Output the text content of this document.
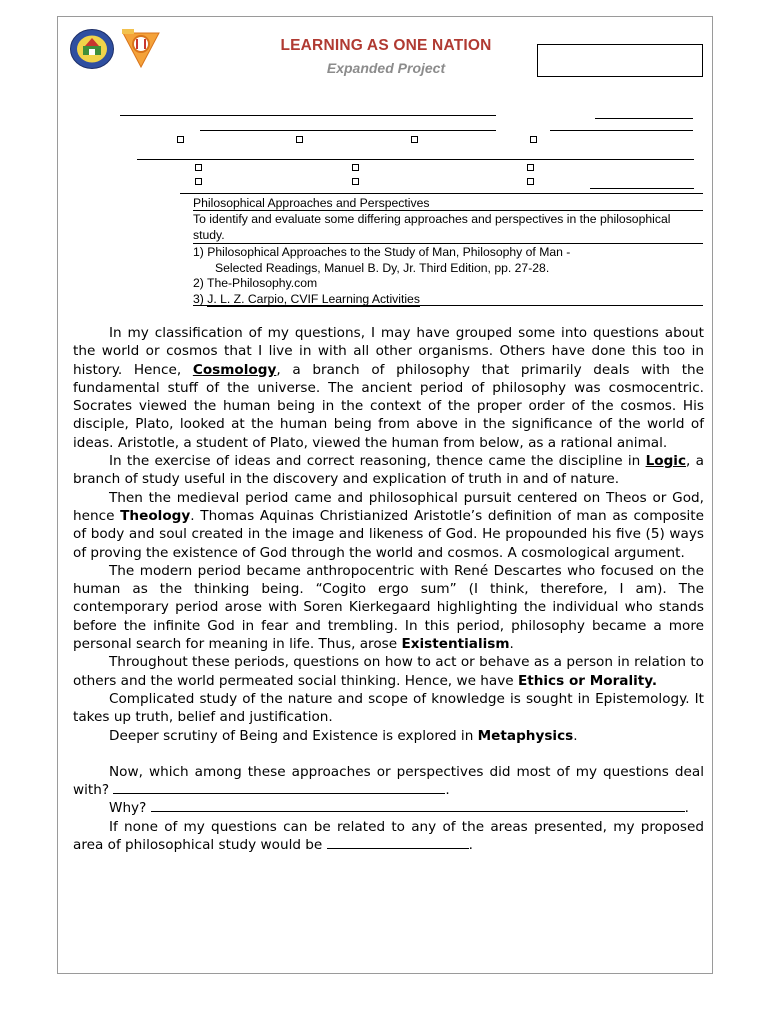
LEARNING AS ONE NATION
Expanded Project
Philosophical Approaches and Perspectives
To identify and evaluate some differing approaches and perspectives in the philosophical study.
1) Philosophical Approaches to the Study of Man, Philosophy of Man -
Selected Readings, Manuel B. Dy, Jr. Third Edition, pp. 27-28.
2) The-Philosophy.com
3) J. L. Z. Carpio, CVIF Learning Activities

In my classification of my questions, I may have grouped some into questions about the world or cosmos that I live in with all other organisms. Others have done this too in history. Hence, Cosmology, a branch of philosophy that primarily deals with the fundamental stuff of the universe. The ancient period of philosophy was cosmocentric. Socrates viewed the human being in the context of the proper order of the cosmos. His disciple, Plato, looked at the human being from above in the significance of the world of ideas. Aristotle, a student of Plato, viewed the human from below, as a rational animal.

In the exercise of ideas and correct reasoning, thence came the discipline in Logic, a branch of study useful in the discovery and explication of truth in and of nature.

Then the medieval period came and philosophical pursuit centered on Theos or God, hence Theology. Thomas Aquinas Christianized Aristotle’s definition of man as composite of body and soul created in the image and likeness of God. He propounded his five (5) ways of proving the existence of God through the world and cosmos. A cosmological argument.

The modern period became anthropocentric with René Descartes who focused on the human as the thinking being. “Cogito ergo sum” (I think, therefore, I am). The contemporary period arose with Soren Kierkegaard highlighting the individual who stands before the infinite God in fear and trembling. In this period, philosophy became a more personal search for meaning in life. Thus, arose Existentialism.

Throughout these periods, questions on how to act or behave as a person in relation to others and the world permeated social thinking. Hence, we have Ethics or Morality.

Complicated study of the nature and scope of knowledge is sought in Epistemology. It takes up truth, belief and justification.

Deeper scrutiny of Being and Existence is explored in Metaphysics.

Now, which among these approaches or perspectives did most of my questions deal with?	.

Why?	.

If none of my questions can be related to any of the areas presented, my proposed area of philosophical study would be	.
